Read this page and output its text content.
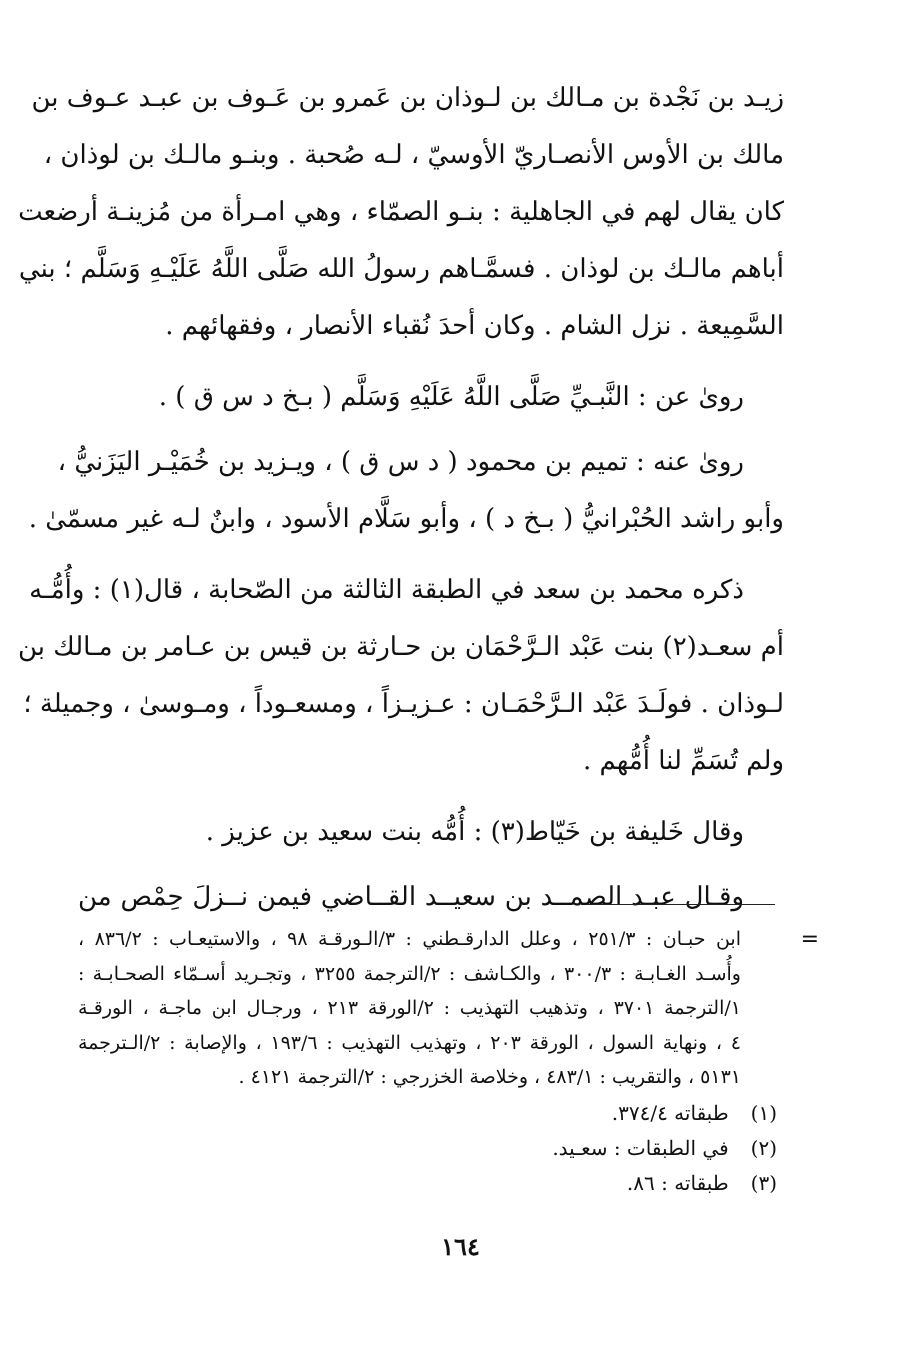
زيـد بن نَجْدة بن مـالك بن لـوذان بن عَمرو بن عَـوف بن عبـد عـوف بن
مالك بن الأوس الأنصـاريّ الأوسيّ ، لـه صُحبة . وبنـو مالـك بن لوذان ،
كان يقال لهم في الجاهلية : بنـو الصمّاء ، وهي امـرأة من مُزينـة أرضعت
أباهم مالـك بن لوذان . فسمَّـاهم رسولُ الله صَلَّى اللَّهُ عَلَيْـهِ وَسَلَّم ؛ بني
السَّمِيعة . نزل الشام . وكان أحدَ نُقباء الأنصار ، وفقهائهم .
روىٰ عن : النَّبـيِّ صَلَّى اللَّهُ عَلَيْهِ وَسَلَّم ( بـخ د س ق ) .
روىٰ عنه : تميم بن محمود ( د س ق ) ، ويـزيد بن خُمَيْـر اليَزَنيُّ ،
وأبو راشد الحُبْرانيُّ ( بـخ د ) ، وأبو سَلَّام الأسود ، وابنٌ لـه غير مسمّىٰ .
ذكره محمد بن سعد في الطبقة الثالثة من الصّحابة ، قال(١) : وأُمُّـه
أم سعـد(٢) بنت عَبْد الـرَّحْمَان بن حـارثة بن قيس بن عـامر بن مـالك بن
لـوذان . فولَـدَ عَبْد الـرَّحْمَـان : عـزيـزاً ، ومسعـوداً ، ومـوسىٰ ، وجميلة ؛
ولم تُسَمِّ لنا أُمُّهم .
وقال خَليفة بن خَيّاط(٣) : أُمُّه بنت سعيد بن عزيز .
وقـال عبـد الصمــد بن سعيــد القــاضي فيمن نــزلَ حِمْص من
=
ابن حبـان : ٢٥١/٣ ، وعلل الدارقـطني : ٣/الـورقـة ٩٨ ، والاستيعـاب : ٨٣٦/٢ ،
وأُسـد الغـابـة : ٣٠٠/٣ ، والكـاشف : ٢/الترجمة ٣٢٥٥ ، وتجـريد أسـمّاء الصحـابـة :
١/الترجمة ٣٧٠١ ، وتذهيب التهذيب : ٢/الورقة ٢١٣ ، ورجـال ابن ماجـة ، الورقـة
٤ ، ونهاية السول ، الورقة ٢٠٣ ، وتهذيب التهذيب : ١٩٣/٦ ، والإصابة : ٢/الـترجمة
٥١٣١ ، والتقريب : ٤٨٣/١ ، وخلاصة الخزرجي : ٢/الترجمة ٤١٢١ .
(١) طبقاته ٣٧٤/٤.
(٢) في الطبقات : سعـيد.
(٣) طبقاته : ٨٦.
١٦٤
